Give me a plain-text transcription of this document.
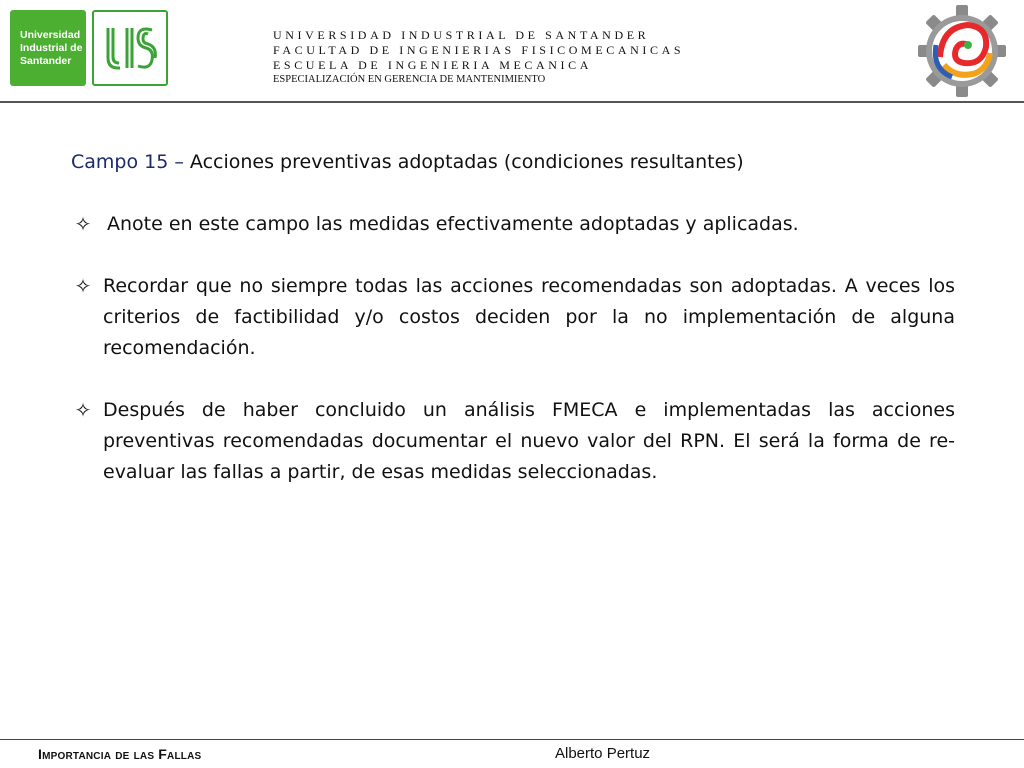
Universidad
Industrial de
Santander
UNIVERSIDAD INDUSTRIAL DE SANTANDER
FACULTAD DE INGENIERIAS FISICOMECANICAS
ESCUELA DE INGENIERIA MECANICA
ESPECIALIZACIÓN EN GERENCIA DE MANTENIMIENTO
Campo 15 – Acciones preventivas adoptadas (condiciones resultantes)
✧ Anote en este campo las medidas efectivamente adoptadas y aplicadas.
✧ Recordar que no siempre todas las acciones recomendadas son adoptadas. A veces los criterios de factibilidad y/o costos deciden por la no implementación de alguna recomendación.
✧ Después de haber concluido un análisis FMECA e implementadas las acciones preventivas recomendadas documentar el nuevo valor del RPN. El será la forma de re- evaluar las fallas a partir, de esas medidas seleccionadas.
Importancia de las Fallas	Alberto Pertuz
